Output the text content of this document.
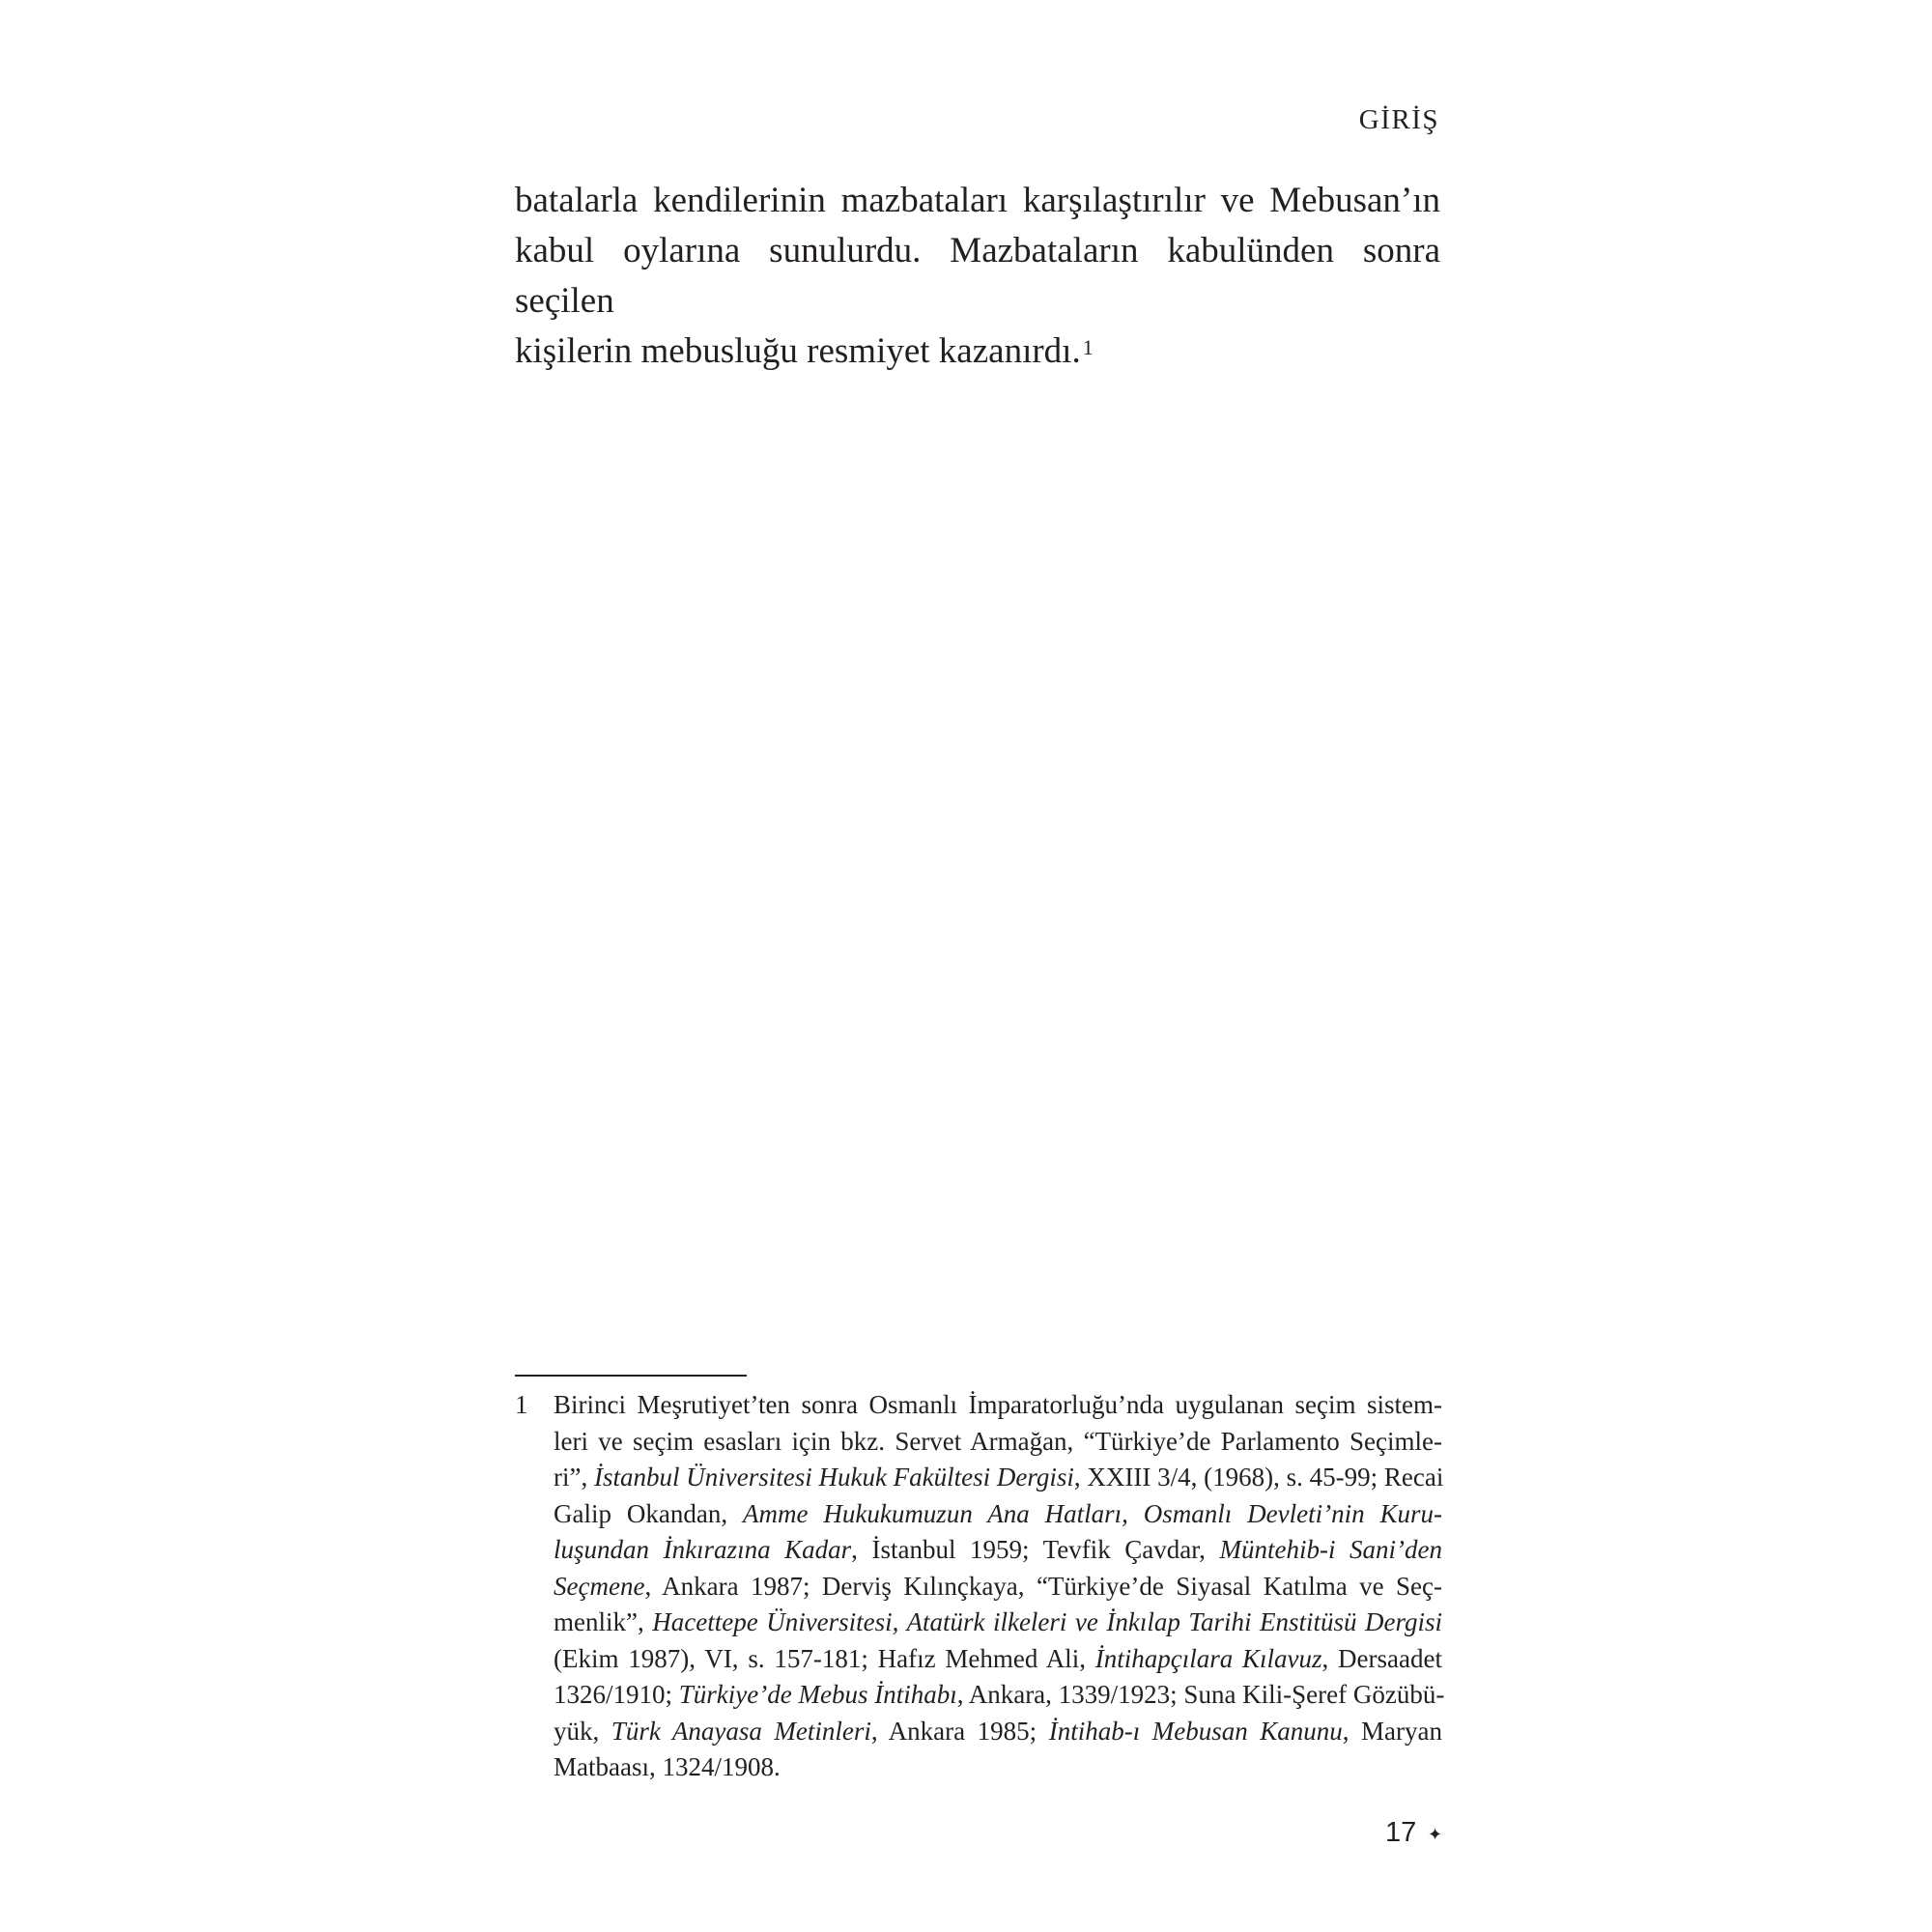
GİRİŞ

batalarla kendilerinin mazbataları karşılaştırılır ve Mebusan’ın
kabul oylarına sunulurdu. Mazbataların kabulünden sonra seçilen
kişilerin mebusluğu resmiyet kazanırdı.$^1$

1 Birinci Meşrutiyet’ten sonra Osmanlı İmparatorluğu’nda uygulanan seçim sistem-
leri ve seçim esasları için bkz. Servet Armağan, “Türkiye’de Parlamento Seçimle-
ri”, İstanbul Üniversitesi Hukuk Fakültesi Dergisi, XXIII 3/4, (1968), s. 45-99; Recai
Galip Okandan, Amme Hukukumuzun Ana Hatları, Osmanlı Devleti’nin Kuru-
luşundan İnkırazına Kadar, İstanbul 1959; Tevfik Çavdar, Müntehib-i Sani’den
Seçmene, Ankara 1987; Derviş Kılınçkaya, “Türkiye’de Siyasal Katılma ve Seç-
menlik”, Hacettepe Üniversitesi, Atatürk ilkeleri ve İnkılap Tarihi Enstitüsü Dergisi
(Ekim 1987), VI, s. 157-181; Hafız Mehmed Ali, İntihapçılara Kılavuz, Dersaadet
1326/1910; Türkiye’de Mebus İntihabı, Ankara, 1339/1923; Suna Kili-Şeref Gözübü-
yük, Türk Anayasa Metinleri, Ankara 1985; İntihab-ı Mebusan Kanunu, Maryan
Matbaası, 1324/1908.
17 ✦
